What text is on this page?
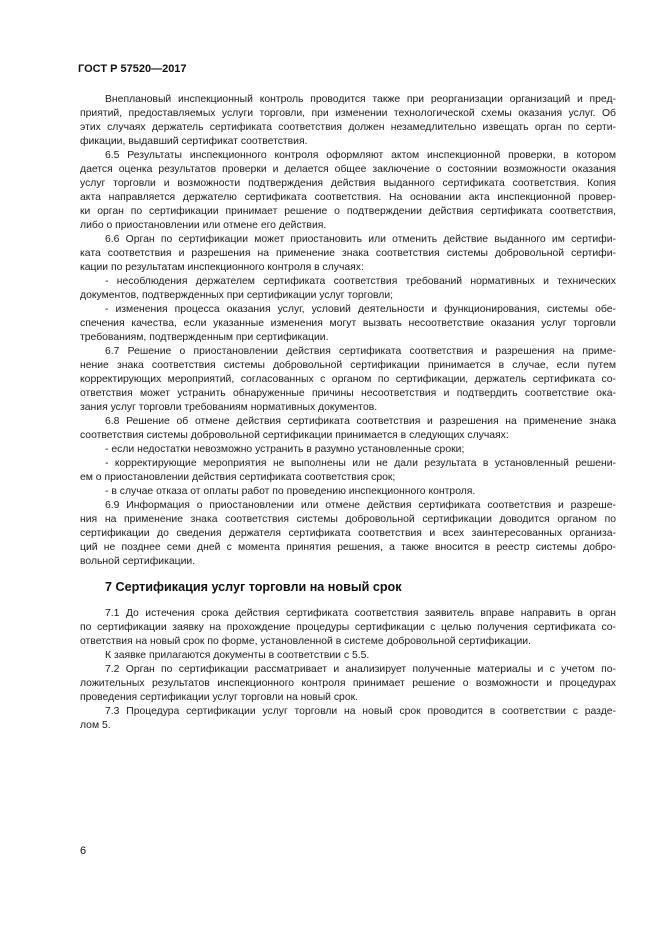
ГОСТ Р 57520—2017

Внеплановый инспекционный контроль проводится также при реорганизации организаций и пред-

приятий, предоставляемых услуги торговли, при изменении технологической схемы оказания услуг. Об

этих случаях держатель сертификата соответствия должен незамедлительно извещать орган по серти-

фикации, выдавший сертификат соответствия.

6.5 Результаты инспекционного контроля оформляют актом инспекционной проверки, в котором

дается оценка результатов проверки и делается общее заключение о состоянии возможности оказания

услуг торговли и возможности подтверждения действия выданного сертификата соответствия. Копия

акта направляется держателю сертификата соответствия. На основании акта инспекционной провер-

ки орган по сертификации принимает решение о подтверждении действия сертификата соответствия,

либо о приостановлении или отмене его действия.

6.6 Орган по сертификации может приостановить или отменить действие выданного им сертифи-

ката соответствия и разрешения на применение знака соответствия системы добровольной сертифи-

кации по результатам инспекционного контроля в случаях:

- несоблюдения держателем сертификата соответствия требований нормативных и технических

документов, подтвержденных при сертификации услуг торговли;

- изменения процесса оказания услуг, условий деятельности и функционирования, системы обе-

спечения качества, если указанные изменения могут вызвать несоответствие оказания услуг торговли

требованиям, подтвержденным при сертификации.

6.7 Решение о приостановлении действия сертификата соответствия и разрешения на приме-

нение знака соответствия системы добровольной сертификации принимается в случае, если путем

корректирующих мероприятий, согласованных с органом по сертификации, держатель сертификата со-

ответствия может устранить обнаруженные причины несоответствия и подтвердить соответствие ока-

зания услуг торговли требованиям нормативных документов.

6.8 Решение об отмене действия сертификата соответствия и разрешения на применение знака

соответствия системы добровольной сертификации принимается в следующих случаях:

- если недостатки невозможно устранить в разумно установленные сроки;

- корректирующие мероприятия не выполнены или не дали результата в установленный решени-

ем о приостановлении действия сертификата соответствия срок;

- в случае отказа от оплаты работ по проведению инспекционного контроля.

6.9 Информация о приостановлении или отмене действия сертификата соответствия и разреше-

ния на применение знака соответствия системы добровольной сертификации доводится органом по

сертификации до сведения держателя сертификата соответствия и всех заинтересованных организа-

ций не позднее семи дней с момента принятия решения, а также вносится в реестр системы добро-

вольной сертификации.

7 Сертификация услуг торговли на новый срок

7.1 До истечения срока действия сертификата соответствия заявитель вправе направить в орган

по сертификации заявку на прохождение процедуры сертификации с целью получения сертификата со-

ответствия на новый срок по форме, установленной в системе добровольной сертификации.

К заявке прилагаются документы в соответствии с 5.5.

7.2 Орган по сертификации рассматривает и анализирует полученные материалы и с учетом по-

ложительных результатов инспекционного контроля принимает решение о возможности и процедурах

проведения сертификации услуг торговли на новый срок.

7.3 Процедура сертификации услуг торговли на новый срок проводится в соответствии с разде-

лом 5.

6
